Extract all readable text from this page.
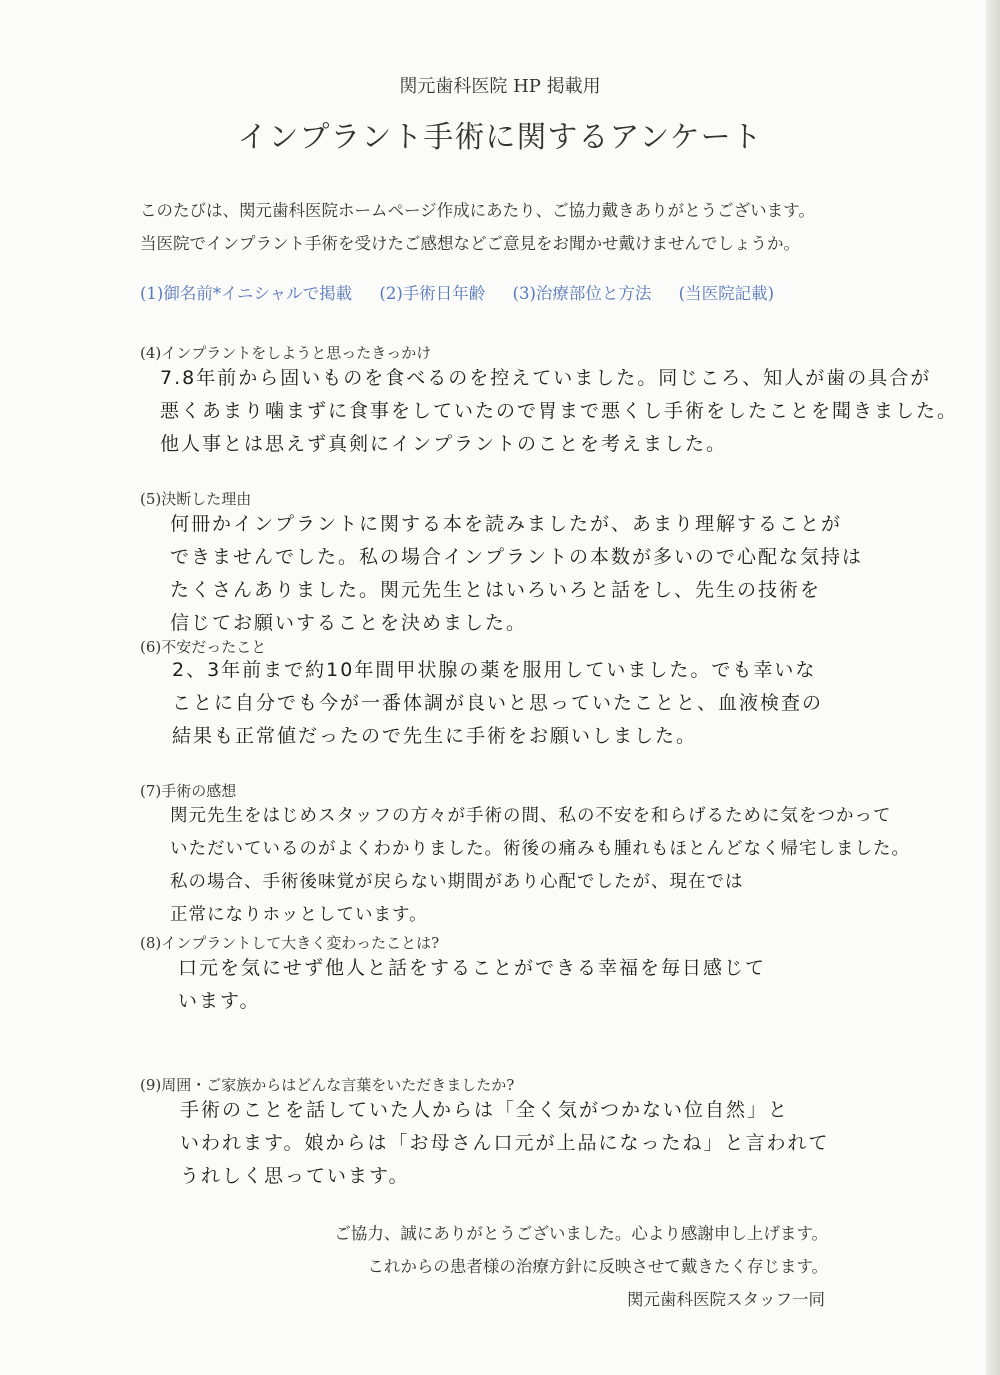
関元歯科医院 HP 掲載用
インプラント手術に関するアンケート
このたびは、関元歯科医院ホームページ作成にあたり、ご協力戴きありがとうございます。
当医院でインプラント手術を受けたご感想などご意見をお聞かせ戴けませんでしょうか。
(1)御名前*イニシャルで掲載 (2)手術日年齢 (3)治療部位と方法 (当医院記載)
(4)インプラントをしようと思ったきっかけ
7.8年前から固いものを食べるのを控えていました。同じころ、知人が歯の具合が
悪くあまり噛まずに食事をしていたので胃まで悪くし手術をしたことを聞きました。
他人事とは思えず真剣にインプラントのことを考えました。
(5)決断した理由
何冊かインプラントに関する本を読みましたが、あまり理解することが
できませんでした。私の場合インプラントの本数が多いので心配な気持は
たくさんありました。関元先生とはいろいろと話をし、先生の技術を
信じてお願いすることを決めました。
(6)不安だったこと
2、3年前まで約10年間甲状腺の薬を服用していました。でも幸いな
ことに自分でも今が一番体調が良いと思っていたことと、血液検査の
結果も正常値だったので先生に手術をお願いしました。
(7)手術の感想
関元先生をはじめスタッフの方々が手術の間、私の不安を和らげるために気をつかって
いただいているのがよくわかりました。術後の痛みも腫れもほとんどなく帰宅しました。
私の場合、手術後味覚が戻らない期間があり心配でしたが、現在では
正常になりホッとしています。
(8)インプラントして大きく変わったことは?
口元を気にせず他人と話をすることができる幸福を毎日感じて
います。
(9)周囲・ご家族からはどんな言葉をいただきましたか?
手術のことを話していた人からは「全く気がつかない位自然」と
いわれます。娘からは「お母さん口元が上品になったね」と言われて
うれしく思っています。
ご協力、誠にありがとうございました。心より感謝申し上げます。
これからの患者様の治療方針に反映させて戴きたく存じます。
関元歯科医院スタッフ一同
